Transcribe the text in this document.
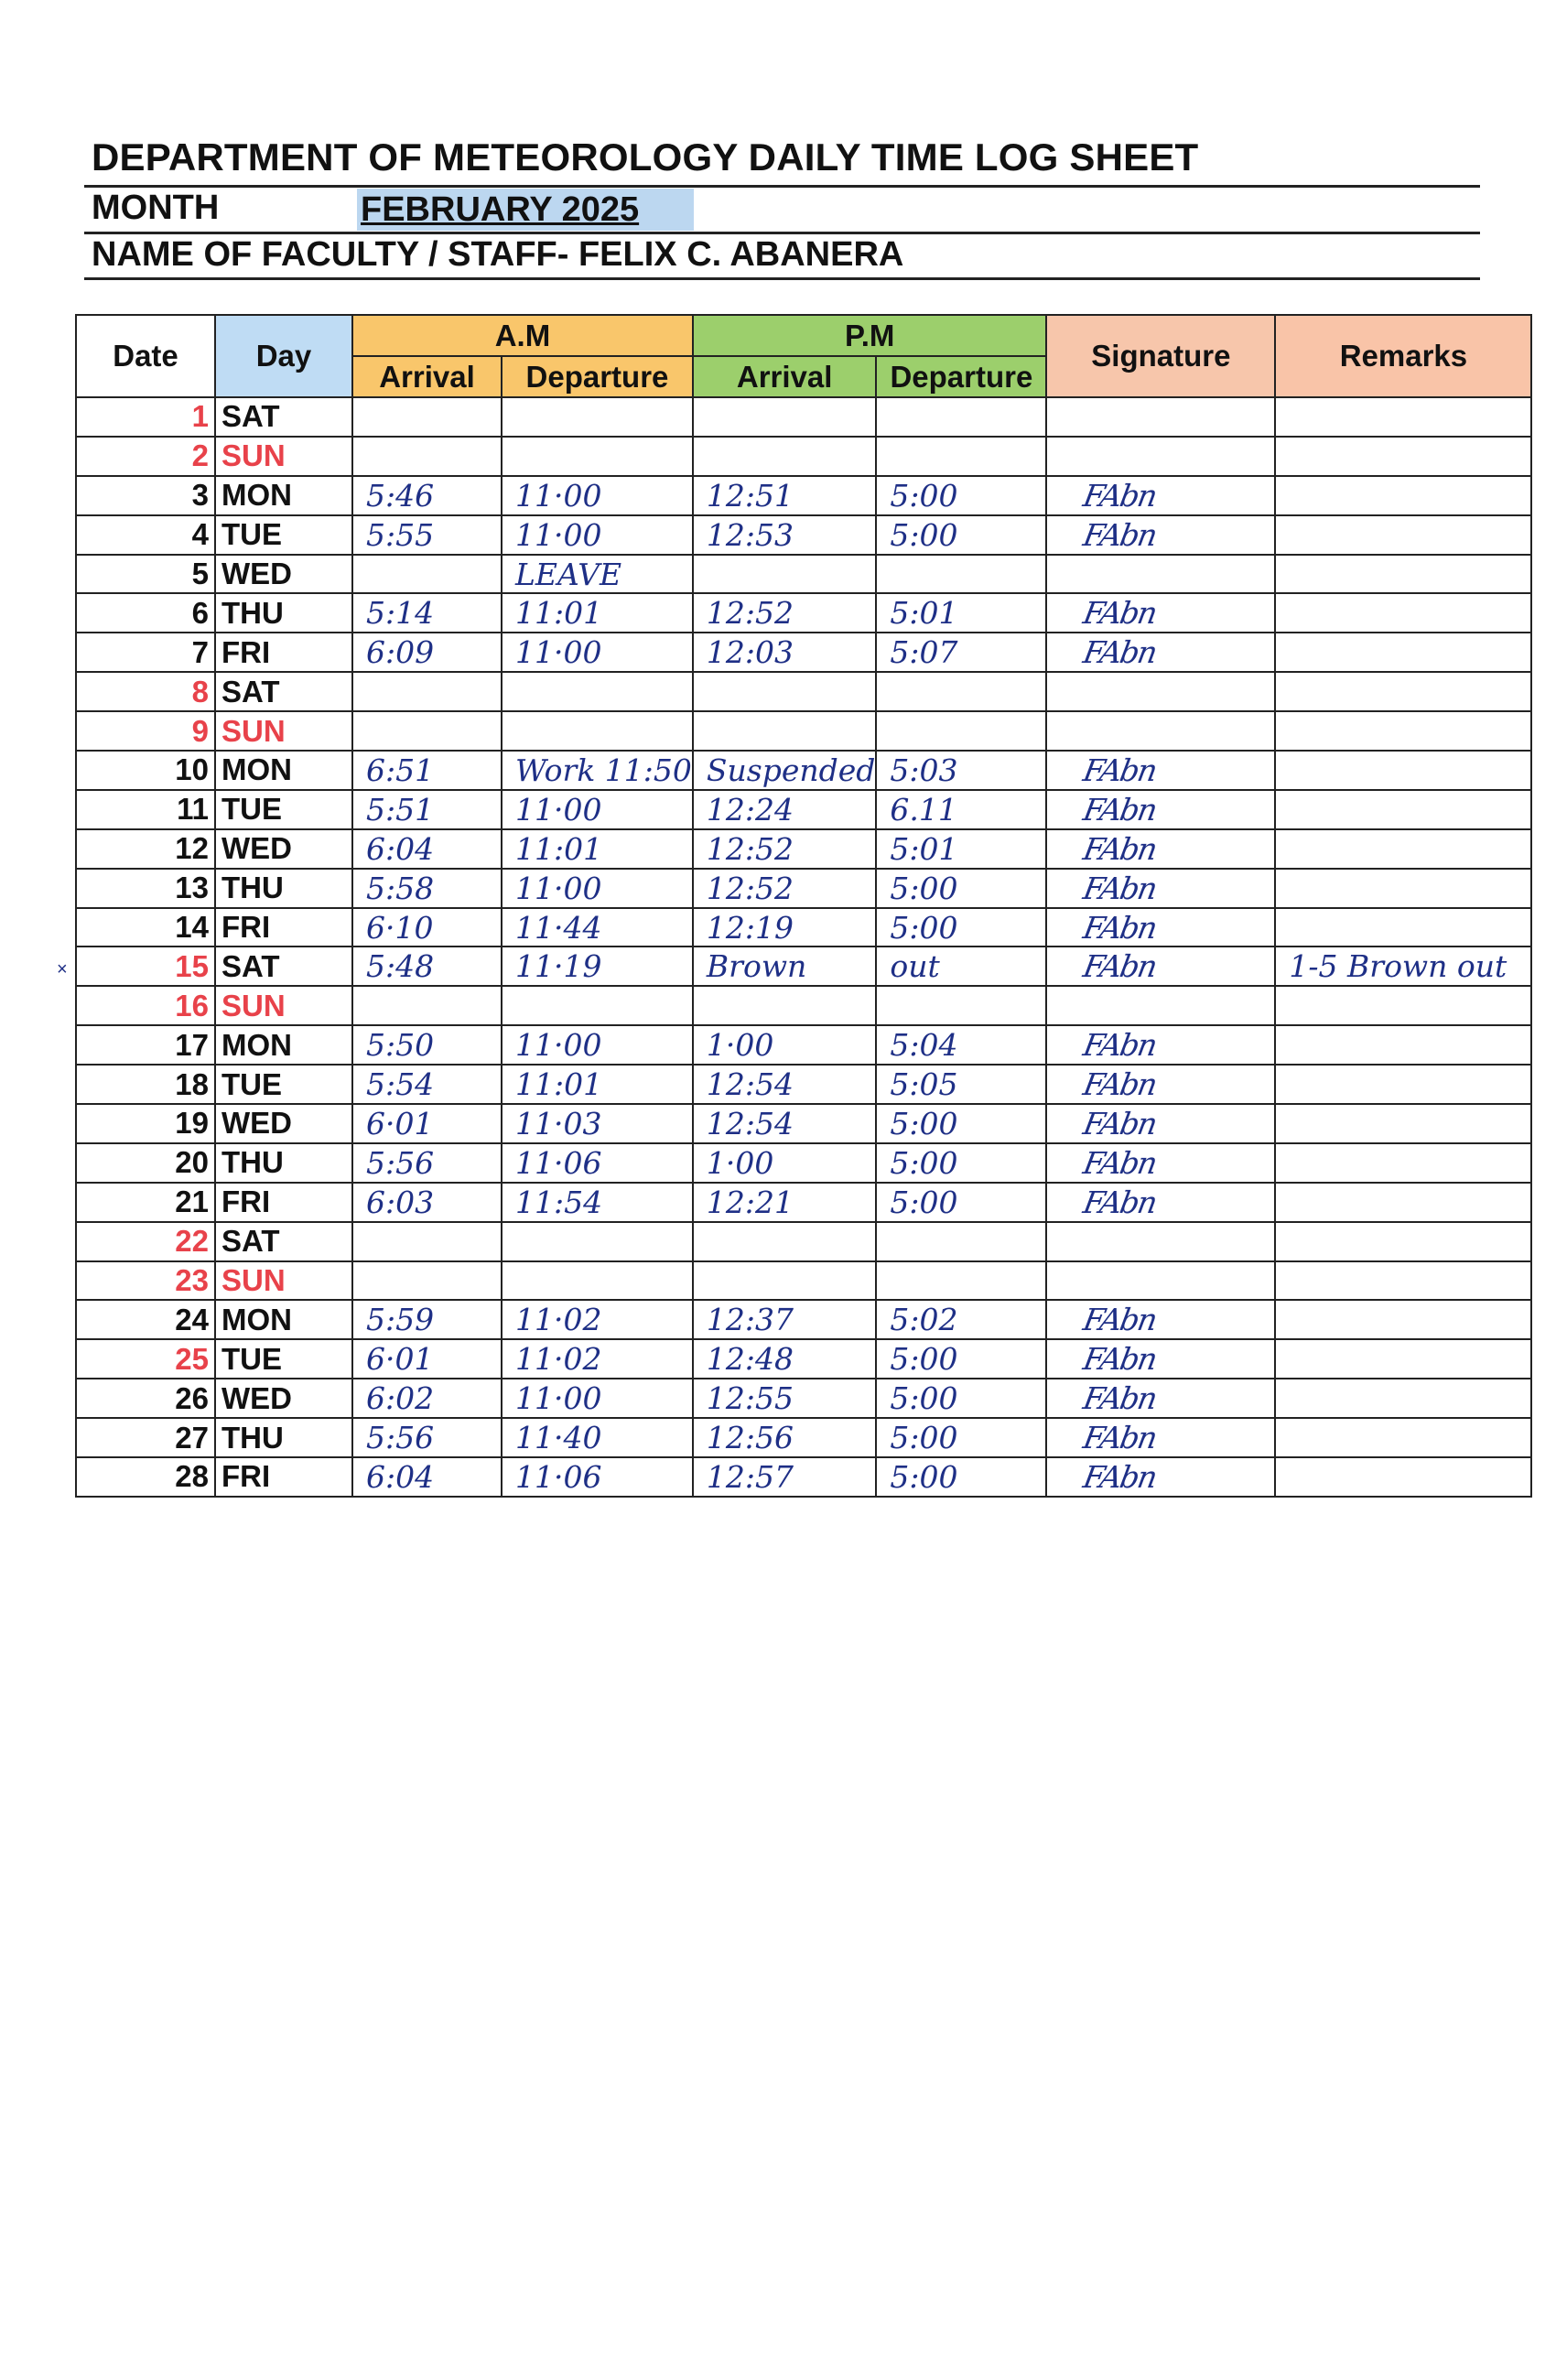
DEPARTMENT OF METEOROLOGY DAILY TIME LOG SHEET
MONTH	FEBRUARY 2025
NAME OF FACULTY / STAFF- FELIX C. ABANERA
×
Date	Day	A.M		P.M		Signature	Remarks
		Arrival	Departure	Arrival	Departure		
1	SAT						
2	SUN						
3	MON	5:46	11·00	12:51	5:00	FAbn	
4	TUE	5:55	11·00	12:53	5:00	FAbn	
5	WED		LEAVE				
6	THU	5:14	11:01	12:52	5:01	FAbn	
7	FRI	6:09	11·00	12:03	5:07	FAbn	
8	SAT						
9	SUN						
10	MON	6:51	Work 11:50	Suspended	5:03	FAbn	
11	TUE	5:51	11·00	12:24	6.11	FAbn	
12	WED	6:04	11:01	12:52	5:01	FAbn	
13	THU	5:58	11·00	12:52	5:00	FAbn	
14	FRI	6·10	11·44	12:19	5:00	FAbn	
15	SAT	5:48	11·19	Brown	out	FAbn	1-5 Brown out
16	SUN						
17	MON	5:50	11·00	1·00	5:04	FAbn	
18	TUE	5:54	11:01	12:54	5:05	FAbn	
19	WED	6·01	11·03	12:54	5:00	FAbn	
20	THU	5:56	11·06	1·00	5:00	FAbn	
21	FRI	6:03	11:54	12:21	5:00	FAbn	
22	SAT						
23	SUN						
24	MON	5:59	11·02	12:37	5:02	FAbn	
25	TUE	6·01	11·02	12:48	5:00	FAbn	
26	WED	6:02	11·00	12:55	5:00	FAbn	
27	THU	5:56	11·40	12:56	5:00	FAbn	
28	FRI	6:04	11·06	12:57	5:00	FAbn	
